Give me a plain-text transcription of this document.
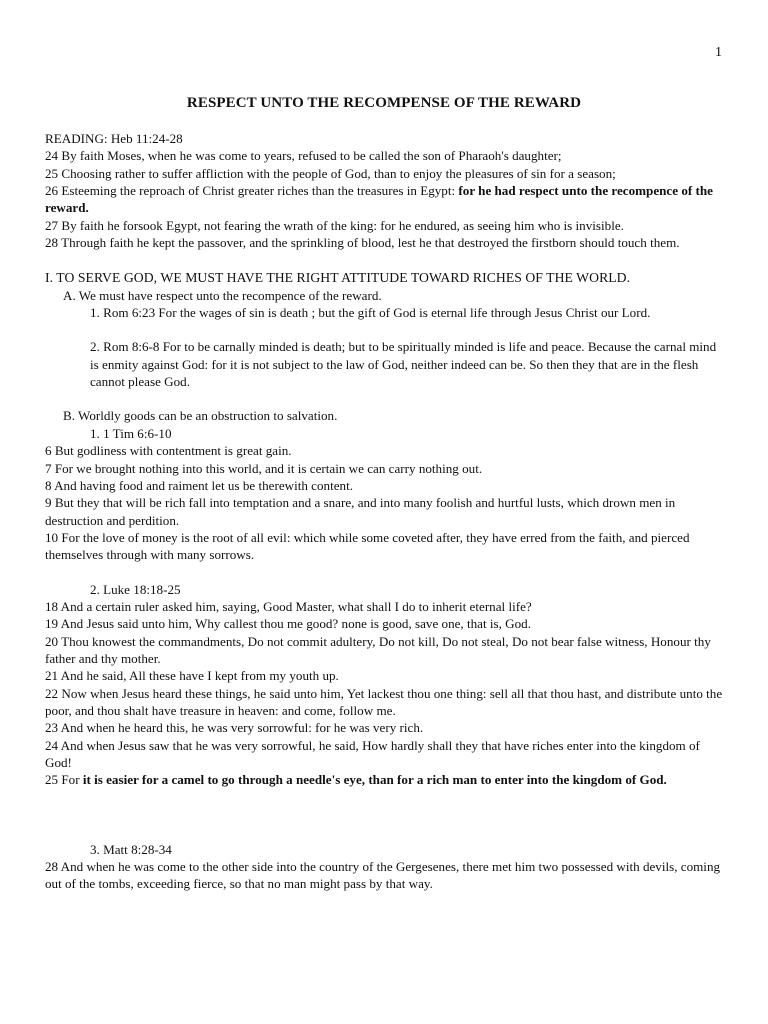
1
RESPECT UNTO THE RECOMPENSE OF THE REWARD

READING: Heb 11:24-28

24 By faith Moses, when he was come to years, refused to be called the son of Pharaoh's daughter;

25 Choosing rather to suffer affliction with the people of God, than to enjoy the pleasures of sin for a season;

26 Esteeming the reproach of Christ greater riches than the treasures in Egypt: for he had respect unto the recompence of the reward.

27 By faith he forsook Egypt, not fearing the wrath of the king: for he endured, as seeing him who is invisible.

28 Through faith he kept the passover, and the sprinkling of blood, lest he that destroyed the firstborn should touch them.

I. TO SERVE GOD, WE MUST HAVE THE RIGHT ATTITUDE TOWARD RICHES OF THE WORLD.

A. We must have respect unto the recompence of the reward.

1. Rom 6:23 For the wages of sin is death ; but the gift of God is eternal life through Jesus Christ our Lord.

2. Rom 8:6-8 For to be carnally minded is death; but to be spiritually minded is life and peace. Because the carnal mind is enmity against God: for it is not subject to the law of God, neither indeed can be. So then they that are in the flesh cannot please God.

B. Worldly goods can be an obstruction to salvation.

1. 1 Tim 6:6-10

6 But godliness with contentment is great gain.

7 For we brought nothing into this world, and it is certain we can carry nothing out.

8 And having food and raiment let us be therewith content.

9 But they that will be rich fall into temptation and a snare, and into many foolish and hurtful lusts, which drown men in destruction and perdition.

10 For the love of money is the root of all evil: which while some coveted after, they have erred from the faith, and pierced themselves through with many sorrows.

2. Luke 18:18-25

18 And a certain ruler asked him, saying, Good Master, what shall I do to inherit eternal life?

19 And Jesus said unto him, Why callest thou me good? none is good, save one, that is, God.

20 Thou knowest the commandments, Do not commit adultery, Do not kill, Do not steal, Do not bear false witness, Honour thy father and thy mother.

21 And he said, All these have I kept from my youth up.

22 Now when Jesus heard these things, he said unto him, Yet lackest thou one thing: sell all that thou hast, and distribute unto the poor, and thou shalt have treasure in heaven: and come, follow me.

23 And when he heard this, he was very sorrowful: for he was very rich.

24 And when Jesus saw that he was very sorrowful, he said, How hardly shall they that have riches enter into the kingdom of God!

25 For it is easier for a camel to go through a needle's eye, than for a rich man to enter into the kingdom of God.

3. Matt 8:28-34

28 And when he was come to the other side into the country of the Gergesenes, there met him two possessed with devils, coming out of the tombs, exceeding fierce, so that no man might pass by that way.
